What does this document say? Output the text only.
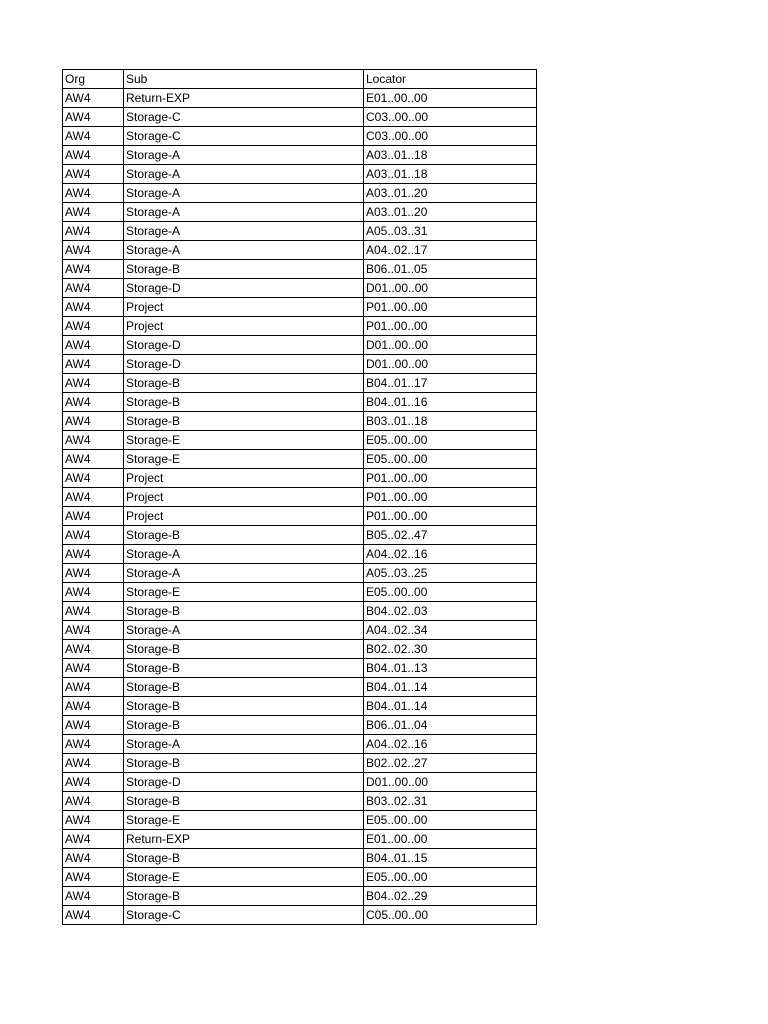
Org	Sub	Locator
AW4	Return-EXP	E01..00..00
AW4	Storage-C	C03..00..00
AW4	Storage-C	C03..00..00
AW4	Storage-A	A03..01..18
AW4	Storage-A	A03..01..18
AW4	Storage-A	A03..01..20
AW4	Storage-A	A03..01..20
AW4	Storage-A	A05..03..31
AW4	Storage-A	A04..02..17
AW4	Storage-B	B06..01..05
AW4	Storage-D	D01..00..00
AW4	Project	P01..00..00
AW4	Project	P01..00..00
AW4	Storage-D	D01..00..00
AW4	Storage-D	D01..00..00
AW4	Storage-B	B04..01..17
AW4	Storage-B	B04..01..16
AW4	Storage-B	B03..01..18
AW4	Storage-E	E05..00..00
AW4	Storage-E	E05..00..00
AW4	Project	P01..00..00
AW4	Project	P01..00..00
AW4	Project	P01..00..00
AW4	Storage-B	B05..02..47
AW4	Storage-A	A04..02..16
AW4	Storage-A	A05..03..25
AW4	Storage-E	E05..00..00
AW4	Storage-B	B04..02..03
AW4	Storage-A	A04..02..34
AW4	Storage-B	B02..02..30
AW4	Storage-B	B04..01..13
AW4	Storage-B	B04..01..14
AW4	Storage-B	B04..01..14
AW4	Storage-B	B06..01..04
AW4	Storage-A	A04..02..16
AW4	Storage-B	B02..02..27
AW4	Storage-D	D01..00..00
AW4	Storage-B	B03..02..31
AW4	Storage-E	E05..00..00
AW4	Return-EXP	E01..00..00
AW4	Storage-B	B04..01..15
AW4	Storage-E	E05..00..00
AW4	Storage-B	B04..02..29
AW4	Storage-C	C05..00..00
